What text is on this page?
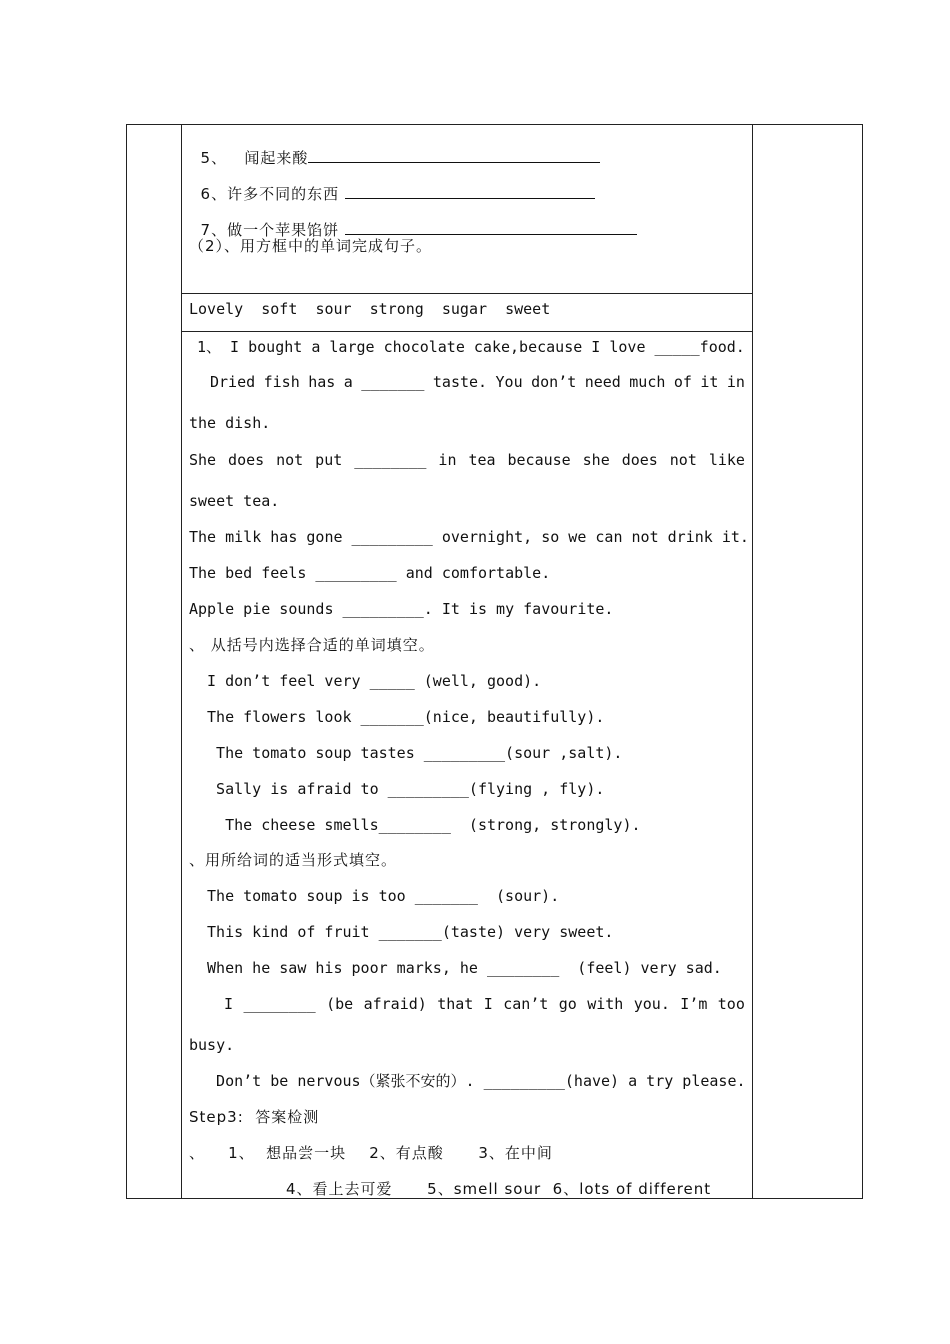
5、 闻起来酸

6、许多不同的东西

7、做一个苹果馅饼

（2）、用方框中的单词完成句子。
Lovely soft sour strong sugar sweet
1、 I bought a large chocolate cake,because I love _____food.
Dried fish has a _______ taste. You don’t need much of it in
the dish.
She does not put ________ in tea because she does not like
sweet tea.
The milk has gone _________ overnight, so we can not drink it.
The bed feels _________ and comfortable.
Apple pie sounds _________. It is my favourite.
、 从括号内选择合适的单词填空。
I don’t feel very _____ (well, good).
The flowers look _______(nice, beautifully).
The tomato soup tastes _________(sour ,salt).
Sally is afraid to _________(flying , fly).
The cheese smells________  (strong, strongly).
、用所给词的适当形式填空。
The tomato soup is too _______  (sour).
This kind of fruit _______(taste) very sweet.
When he saw his poor marks, he ________  (feel) very sad.
I ________ (be afraid) that I can’t go with you. I’m too
busy.
Don’t be nervous（紧张不安的）. _________(have) a try please.
Step3:  答案检测
、    1、  想品尝一块    2、有点酸      3、在中间
4、看上去可爱      5、smell sour  6、lots of different
